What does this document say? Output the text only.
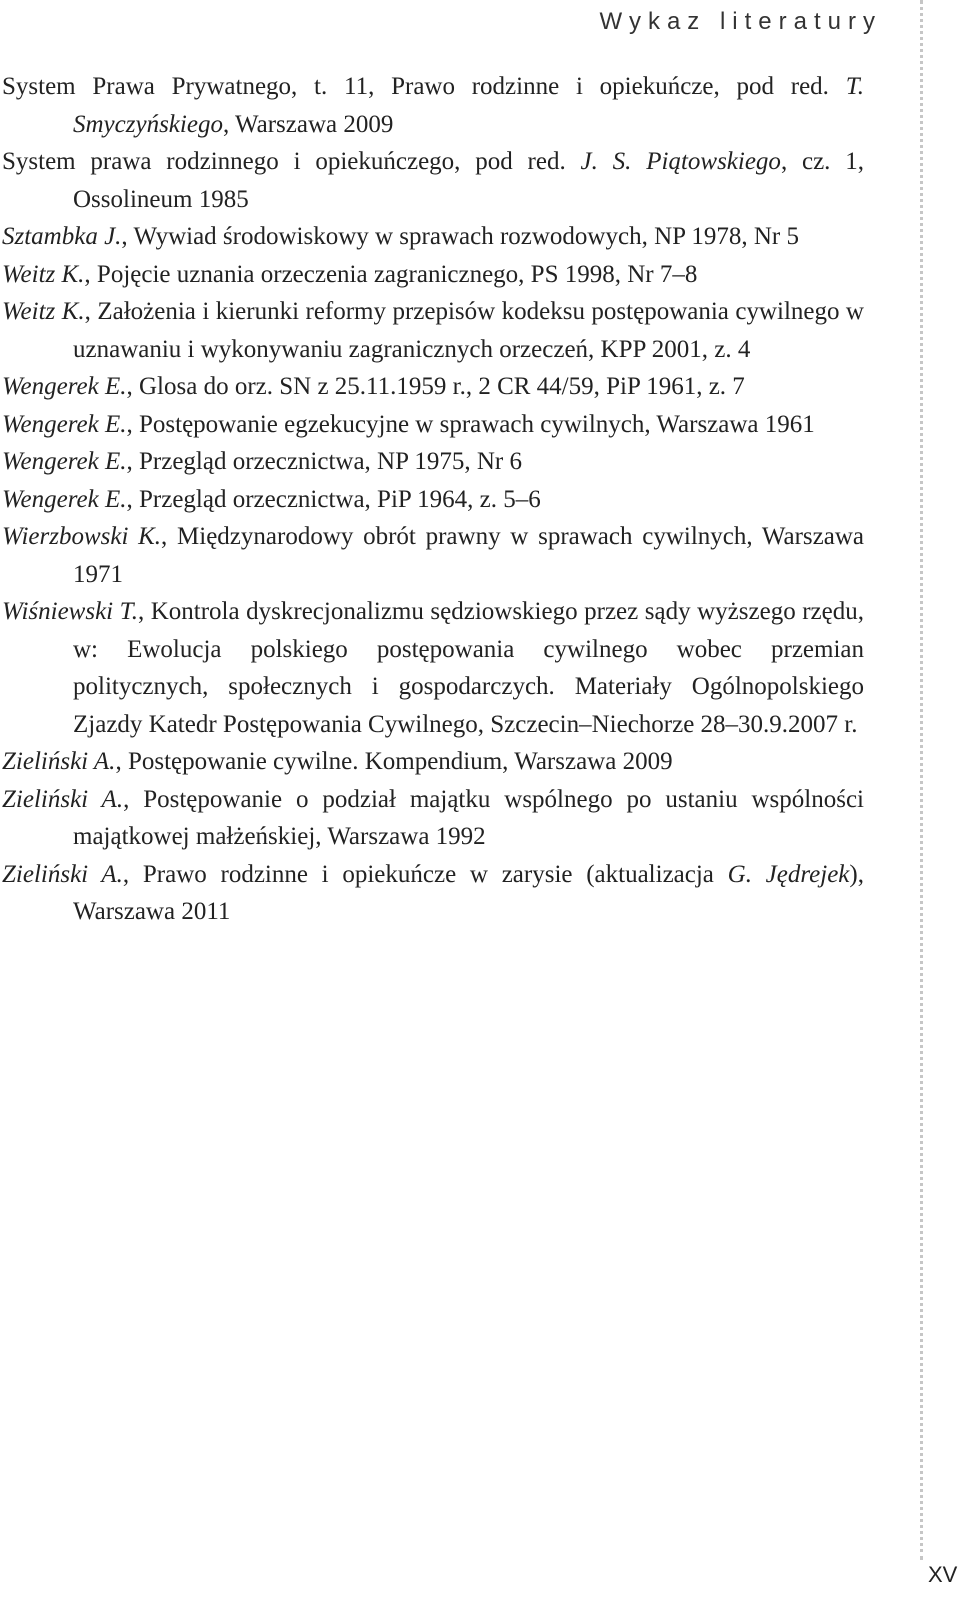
Wykaz literatury
System Prawa Prywatnego, t. 11, Prawo rodzinne i opiekuńcze, pod red. T. Smyczyńskiego, Warszawa 2009
System prawa rodzinnego i opiekuńczego, pod red. J. S. Piątowskiego, cz. 1, Ossolineum 1985
Sztambka J., Wywiad środowiskowy w sprawach rozwodowych, NP 1978, Nr 5
Weitz K., Pojęcie uznania orzeczenia zagranicznego, PS 1998, Nr 7–8
Weitz K., Założenia i kierunki reformy przepisów kodeksu postępowania cywilnego w uznawaniu i wykonywaniu zagranicznych orzeczeń, KPP 2001, z. 4
Wengerek E., Glosa do orz. SN z 25.11.1959 r., 2 CR 44/59, PiP 1961, z. 7
Wengerek E., Postępowanie egzekucyjne w sprawach cywilnych, Warszawa 1961
Wengerek E., Przegląd orzecznictwa, NP 1975, Nr 6
Wengerek E., Przegląd orzecznictwa, PiP 1964, z. 5–6
Wierzbowski K., Międzynarodowy obrót prawny w sprawach cywilnych, Warszawa 1971
Wiśniewski T., Kontrola dyskrecjonalizmu sędziowskiego przez sądy wyższego rzędu, w: Ewolucja polskiego postępowania cywilnego wobec przemian politycznych, społecznych i gospodarczych. Materiały Ogólnopolskiego Zjazdy Katedr Postępowania Cywilnego, Szczecin–Niechorze 28–30.9.2007 r.
Zieliński A., Postępowanie cywilne. Kompendium, Warszawa 2009
Zieliński A., Postępowanie o podział majątku wspólnego po ustaniu wspólności majątkowej małżeńskiej, Warszawa 1992
Zieliński A., Prawo rodzinne i opiekuńcze w zarysie (aktualizacja G. Jędrejek), Warszawa 2011
XV
